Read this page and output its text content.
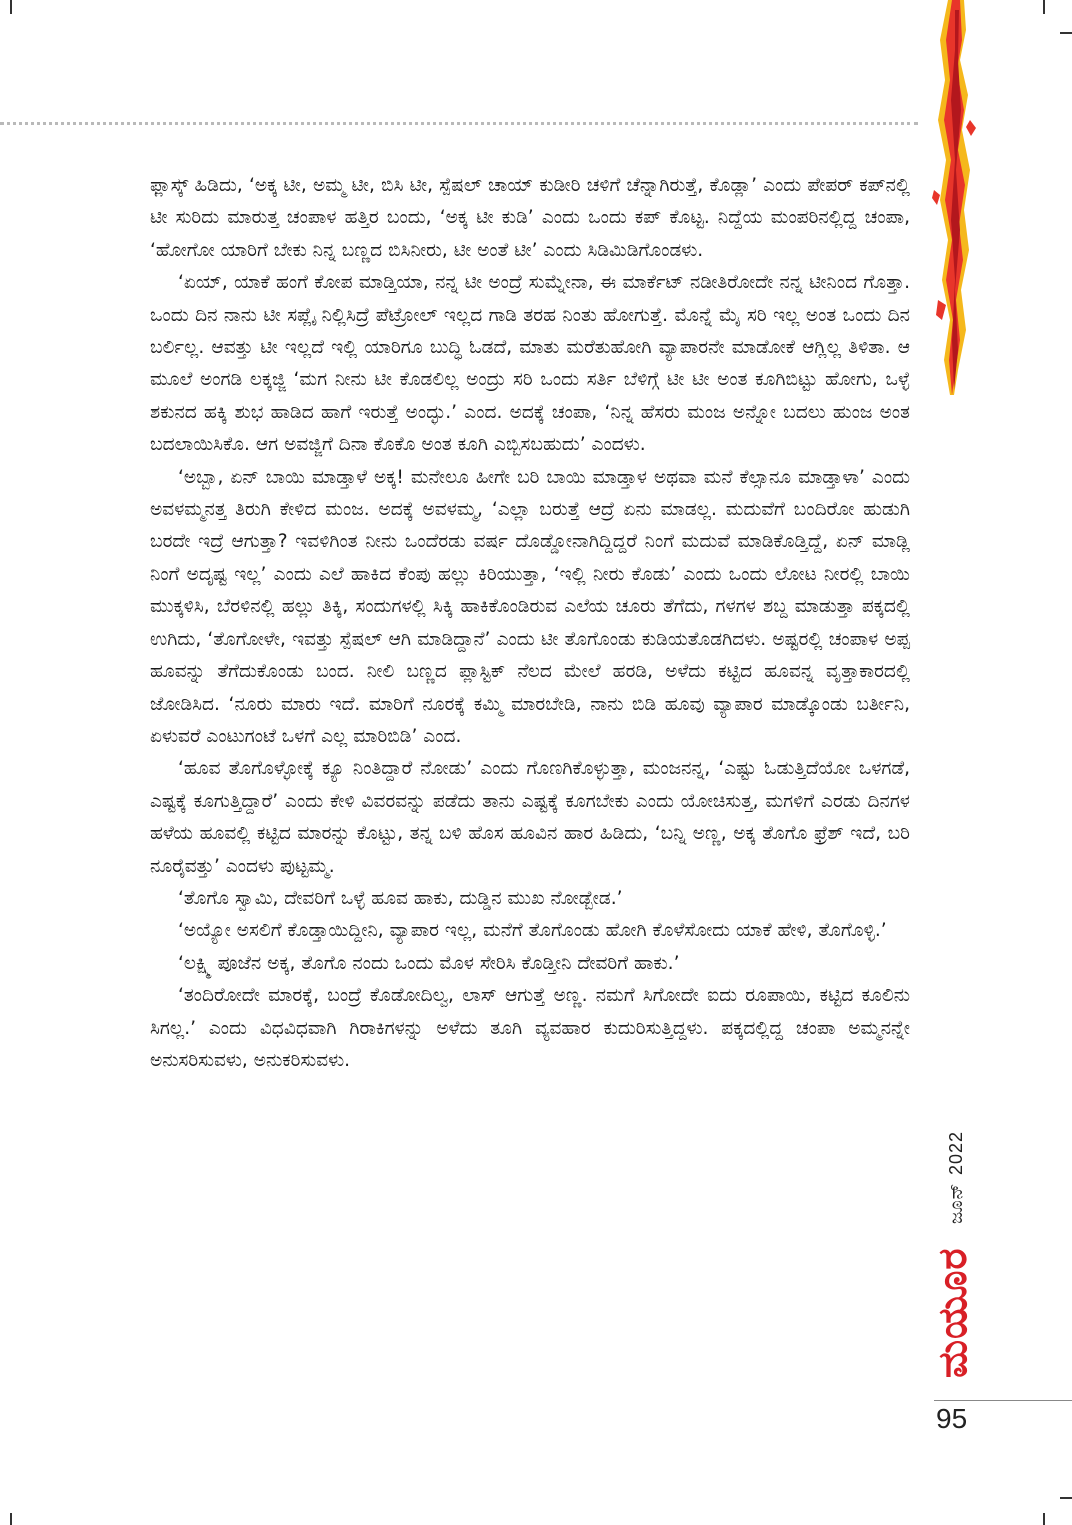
ಫ್ಲಾಸ್ಕ್ ಹಿಡಿದು, ‘ಅಕ್ಕ ಟೀ, ಅಮ್ಮ ಟೀ, ಬಿಸಿ ಟೀ, ಸ್ಪೆಷಲ್ ಚಾಯ್ ಕುಡೀರಿ ಚಳಿಗೆ ಚೆನ್ನಾಗಿರುತ್ತೆ, ಕೊಡ್ಲಾ’ ಎಂದು ಪೇಪರ್ ಕಪ್‌ನಲ್ಲಿ ಟೀ ಸುರಿದು ಮಾರುತ್ತ ಚಂಪಾಳ ಹತ್ತಿರ ಬಂದು, ‘ಅಕ್ಕ ಟೀ ಕುಡಿ’ ಎಂದು ಒಂದು ಕಪ್ ಕೊಟ್ಟ. ನಿದ್ದೆಯ ಮಂಪರಿನಲ್ಲಿದ್ದ ಚಂಪಾ, ‘ಹೋಗೋ ಯಾರಿಗೆ ಬೇಕು ನಿನ್ನ ಬಣ್ಣದ ಬಿಸಿನೀರು, ಟೀ ಅಂತೆ ಟೀ’ ಎಂದು ಸಿಡಿಮಿಡಿಗೊಂಡಳು.

‘ಏಯ್, ಯಾಕೆ ಹಂಗೆ ಕೋಪ ಮಾಡ್ತಿಯಾ, ನನ್ನ ಟೀ ಅಂದ್ರೆ ಸುಮ್ನೇನಾ, ಈ ಮಾರ್ಕೆಟ್ ನಡೀತಿರೋದೇ ನನ್ನ ಟೀನಿಂದ ಗೊತ್ತಾ. ಒಂದು ದಿನ ನಾನು ಟೀ ಸಪ್ಲೈ ನಿಲ್ಲಿಸಿದ್ರೆ ಪೆಟ್ರೋಲ್ ಇಲ್ಲದ ಗಾಡಿ ತರಹ ನಿಂತು ಹೋಗುತ್ತೆ. ಮೊನ್ನೆ ಮೈ ಸರಿ ಇಲ್ಲ ಅಂತ ಒಂದು ದಿನ ಬರ್ಲಿಲ್ಲ. ಆವತ್ತು ಟೀ ಇಲ್ಲದೆ ಇಲ್ಲಿ ಯಾರಿಗೂ ಬುದ್ಧಿ ಓಡದೆ, ಮಾತು ಮರೆತುಹೋಗಿ ವ್ಯಾಪಾರನೇ ಮಾಡೋಕೆ ಆಗ್ಲಿಲ್ಲ ತಿಳಿತಾ. ಆ ಮೂಲೆ ಅಂಗಡಿ ಲಕ್ಕಜ್ಜಿ ‘ಮಗ ನೀನು ಟೀ ಕೊಡಲಿಲ್ಲ ಅಂದ್ರು ಸರಿ ಒಂದು ಸರ್ತಿ ಬೆಳಿಗ್ಗೆ ಟೀ ಟೀ ಅಂತ ಕೂಗಿಬಿಟ್ಟು ಹೋಗು, ಒಳ್ಳೆ ಶಕುನದ ಹಕ್ಕಿ ಶುಭ ಹಾಡಿದ ಹಾಗೆ ಇರುತ್ತೆ ಅಂದ್ಳು.’ ಎಂದ. ಅದಕ್ಕೆ ಚಂಪಾ, ‘ನಿನ್ನ ಹೆಸರು ಮಂಜ ಅನ್ನೋ ಬದಲು ಹುಂಜ ಅಂತ ಬದಲಾಯಿಸಿಕೊ. ಆಗ ಅವಜ್ಜಿಗೆ ದಿನಾ ಕೊಕೊ ಅಂತ ಕೂಗಿ ಎಬ್ಬಿಸಬಹುದು’ ಎಂದಳು.

‘ಅಬ್ಬಾ, ಏನ್ ಬಾಯಿ ಮಾಡ್ತಾಳೆ ಅಕ್ಕ! ಮನೇಲೂ ಹೀಗೇ ಬರಿ ಬಾಯಿ ಮಾಡ್ತಾಳ ಅಥವಾ ಮನೆ ಕೆಲ್ಸಾನೂ ಮಾಡ್ತಾಳಾ’ ಎಂದು ಅವಳಮ್ಮನತ್ತ ತಿರುಗಿ ಕೇಳಿದ ಮಂಜ. ಅದಕ್ಕೆ ಅವಳಮ್ಮ, ‘ಎಲ್ಲಾ ಬರುತ್ತೆ ಆದ್ರೆ ಏನು ಮಾಡಲ್ಲ. ಮದುವೆಗೆ ಬಂದಿರೋ ಹುಡುಗಿ ಬರದೇ ಇದ್ರೆ ಆಗುತ್ತಾ? ಇವಳಿಗಿಂತ ನೀನು ಒಂದೆರಡು ವರ್ಷ ದೊಡ್ಡೋನಾಗಿದ್ದಿದ್ದರೆ ನಿಂಗೆ ಮದುವೆ ಮಾಡಿಕೊಡ್ತಿದ್ದೆ, ಏನ್ ಮಾಡ್ಲಿ ನಿಂಗೆ ಅದೃಷ್ಟ ಇಲ್ಲ’ ಎಂದು ಎಲೆ ಹಾಕಿದ ಕೆಂಪು ಹಲ್ಲು ಕಿರಿಯುತ್ತಾ, ‘ಇಲ್ಲಿ ನೀರು ಕೊಡು’ ಎಂದು ಒಂದು ಲೋಟ ನೀರಲ್ಲಿ ಬಾಯಿ ಮುಕ್ಕಳಿಸಿ, ಬೆರಳಿನಲ್ಲಿ ಹಲ್ಲು ತಿಕ್ಕಿ, ಸಂದುಗಳಲ್ಲಿ ಸಿಕ್ಕಿ ಹಾಕಿಕೊಂಡಿರುವ ಎಲೆಯ ಚೂರು ತೆಗೆದು, ಗಳಗಳ ಶಬ್ದ ಮಾಡುತ್ತಾ ಪಕ್ಕದಲ್ಲಿ ಉಗಿದು, ‘ತೊಗೋಳೇ, ಇವತ್ತು ಸ್ಪೆಷಲ್ ಆಗಿ ಮಾಡಿದ್ದಾನೆ’ ಎಂದು ಟೀ ತೊಗೊಂಡು ಕುಡಿಯತೊಡಗಿದಳು. ಅಷ್ಟರಲ್ಲಿ ಚಂಪಾಳ ಅಪ್ಪ ಹೂವನ್ನು ತೆಗೆದುಕೊಂಡು ಬಂದ. ನೀಲಿ ಬಣ್ಣದ ಪ್ಲಾಸ್ಟಿಕ್ ನೆಲದ ಮೇಲೆ ಹರಡಿ, ಅಳೆದು ಕಟ್ಟಿದ ಹೂವನ್ನ ವೃತ್ತಾಕಾರದಲ್ಲಿ ಜೋಡಿಸಿದ. ‘ನೂರು ಮಾರು ಇದೆ. ಮಾರಿಗೆ ನೂರಕ್ಕೆ ಕಮ್ಮಿ ಮಾರಬೇಡಿ, ನಾನು ಬಿಡಿ ಹೂವು ವ್ಯಾಪಾರ ಮಾಡ್ಕೊಂಡು ಬರ್ತೀನಿ, ಏಳುವರೆ ಎಂಟುಗಂಟೆ ಒಳಗೆ ಎಲ್ಲ ಮಾರಿಬಿಡಿ’ ಎಂದ.

‘ಹೂವ ತೊಗೊಳ್ಳೋಕ್ಕೆ ಕ್ಯೂ ನಿಂತಿದ್ದಾರೆ ನೋಡು’ ಎಂದು ಗೊಣಗಿಕೊಳ್ಳುತ್ತಾ, ಮಂಜನನ್ನ, ‘ಎಷ್ಟು ಓಡುತ್ತಿದೆಯೋ ಒಳಗಡೆ, ಎಷ್ಟಕ್ಕೆ ಕೂಗುತ್ತಿದ್ದಾರೆ’ ಎಂದು ಕೇಳಿ ವಿವರವನ್ನು ಪಡೆದು ತಾನು ಎಷ್ಟಕ್ಕೆ ಕೂಗಬೇಕು ಎಂದು ಯೋಚಿಸುತ್ತ, ಮಗಳಿಗೆ ಎರಡು ದಿನಗಳ ಹಳೆಯ ಹೂವಲ್ಲಿ ಕಟ್ಟಿದ ಮಾರನ್ನು ಕೊಟ್ಟು, ತನ್ನ ಬಳಿ ಹೊಸ ಹೂವಿನ ಹಾರ ಹಿಡಿದು, ‘ಬನ್ನಿ ಅಣ್ಣ, ಅಕ್ಕ ತೊಗೊ ಫ್ರೆಶ್ ಇದೆ, ಬರಿ ನೂರೈವತ್ತು’ ಎಂದಳು ಪುಟ್ಟಮ್ಮ.

‘ತೊಗೊ ಸ್ವಾಮಿ, ದೇವರಿಗೆ ಒಳ್ಳೆ ಹೂವ ಹಾಕು, ದುಡ್ಡಿನ ಮುಖ ನೋಡ್ಬೇಡ.’

‘ಅಯ್ಯೋ ಅಸಲಿಗೆ ಕೊಡ್ತಾಯಿದ್ದೀನಿ, ವ್ಯಾಪಾರ ಇಲ್ಲ, ಮನೆಗೆ ತೊಗೊಂಡು ಹೋಗಿ ಕೊಳೆಸೋದು ಯಾಕೆ ಹೇಳಿ, ತೊಗೊಳ್ಳಿ.’

‘ಲಕ್ಷ್ಮಿ ಪೂಜೆನ ಅಕ್ಕ, ತೊಗೊ ನಂದು ಒಂದು ಮೊಳ ಸೇರಿಸಿ ಕೊಡ್ತೀನಿ ದೇವರಿಗೆ ಹಾಕು.’

‘ತಂದಿರೋದೇ ಮಾರಕ್ಕೆ, ಬಂದ್ರೆ ಕೊಡೋದಿಲ್ವ, ಲಾಸ್ ಆಗುತ್ತೆ ಅಣ್ಣ. ನಮಗೆ ಸಿಗೋದೇ ಐದು ರೂಪಾಯಿ, ಕಟ್ಟಿದ ಕೂಲಿನು ಸಿಗಲ್ಲ.’ ಎಂದು ವಿಧವಿಧವಾಗಿ ಗಿರಾಕಿಗಳನ್ನು ಅಳೆದು ತೂಗಿ ವ್ಯವಹಾರ ಕುದುರಿಸುತ್ತಿದ್ದಳು. ಪಕ್ಕದಲ್ಲಿದ್ದ ಚಂಪಾ ಅಮ್ಮನನ್ನೇ ಅನುಸರಿಸುವಳು, ಅನುಕರಿಸುವಳು.

ಜೂನ್
2022
ಮಯೂರ
95
